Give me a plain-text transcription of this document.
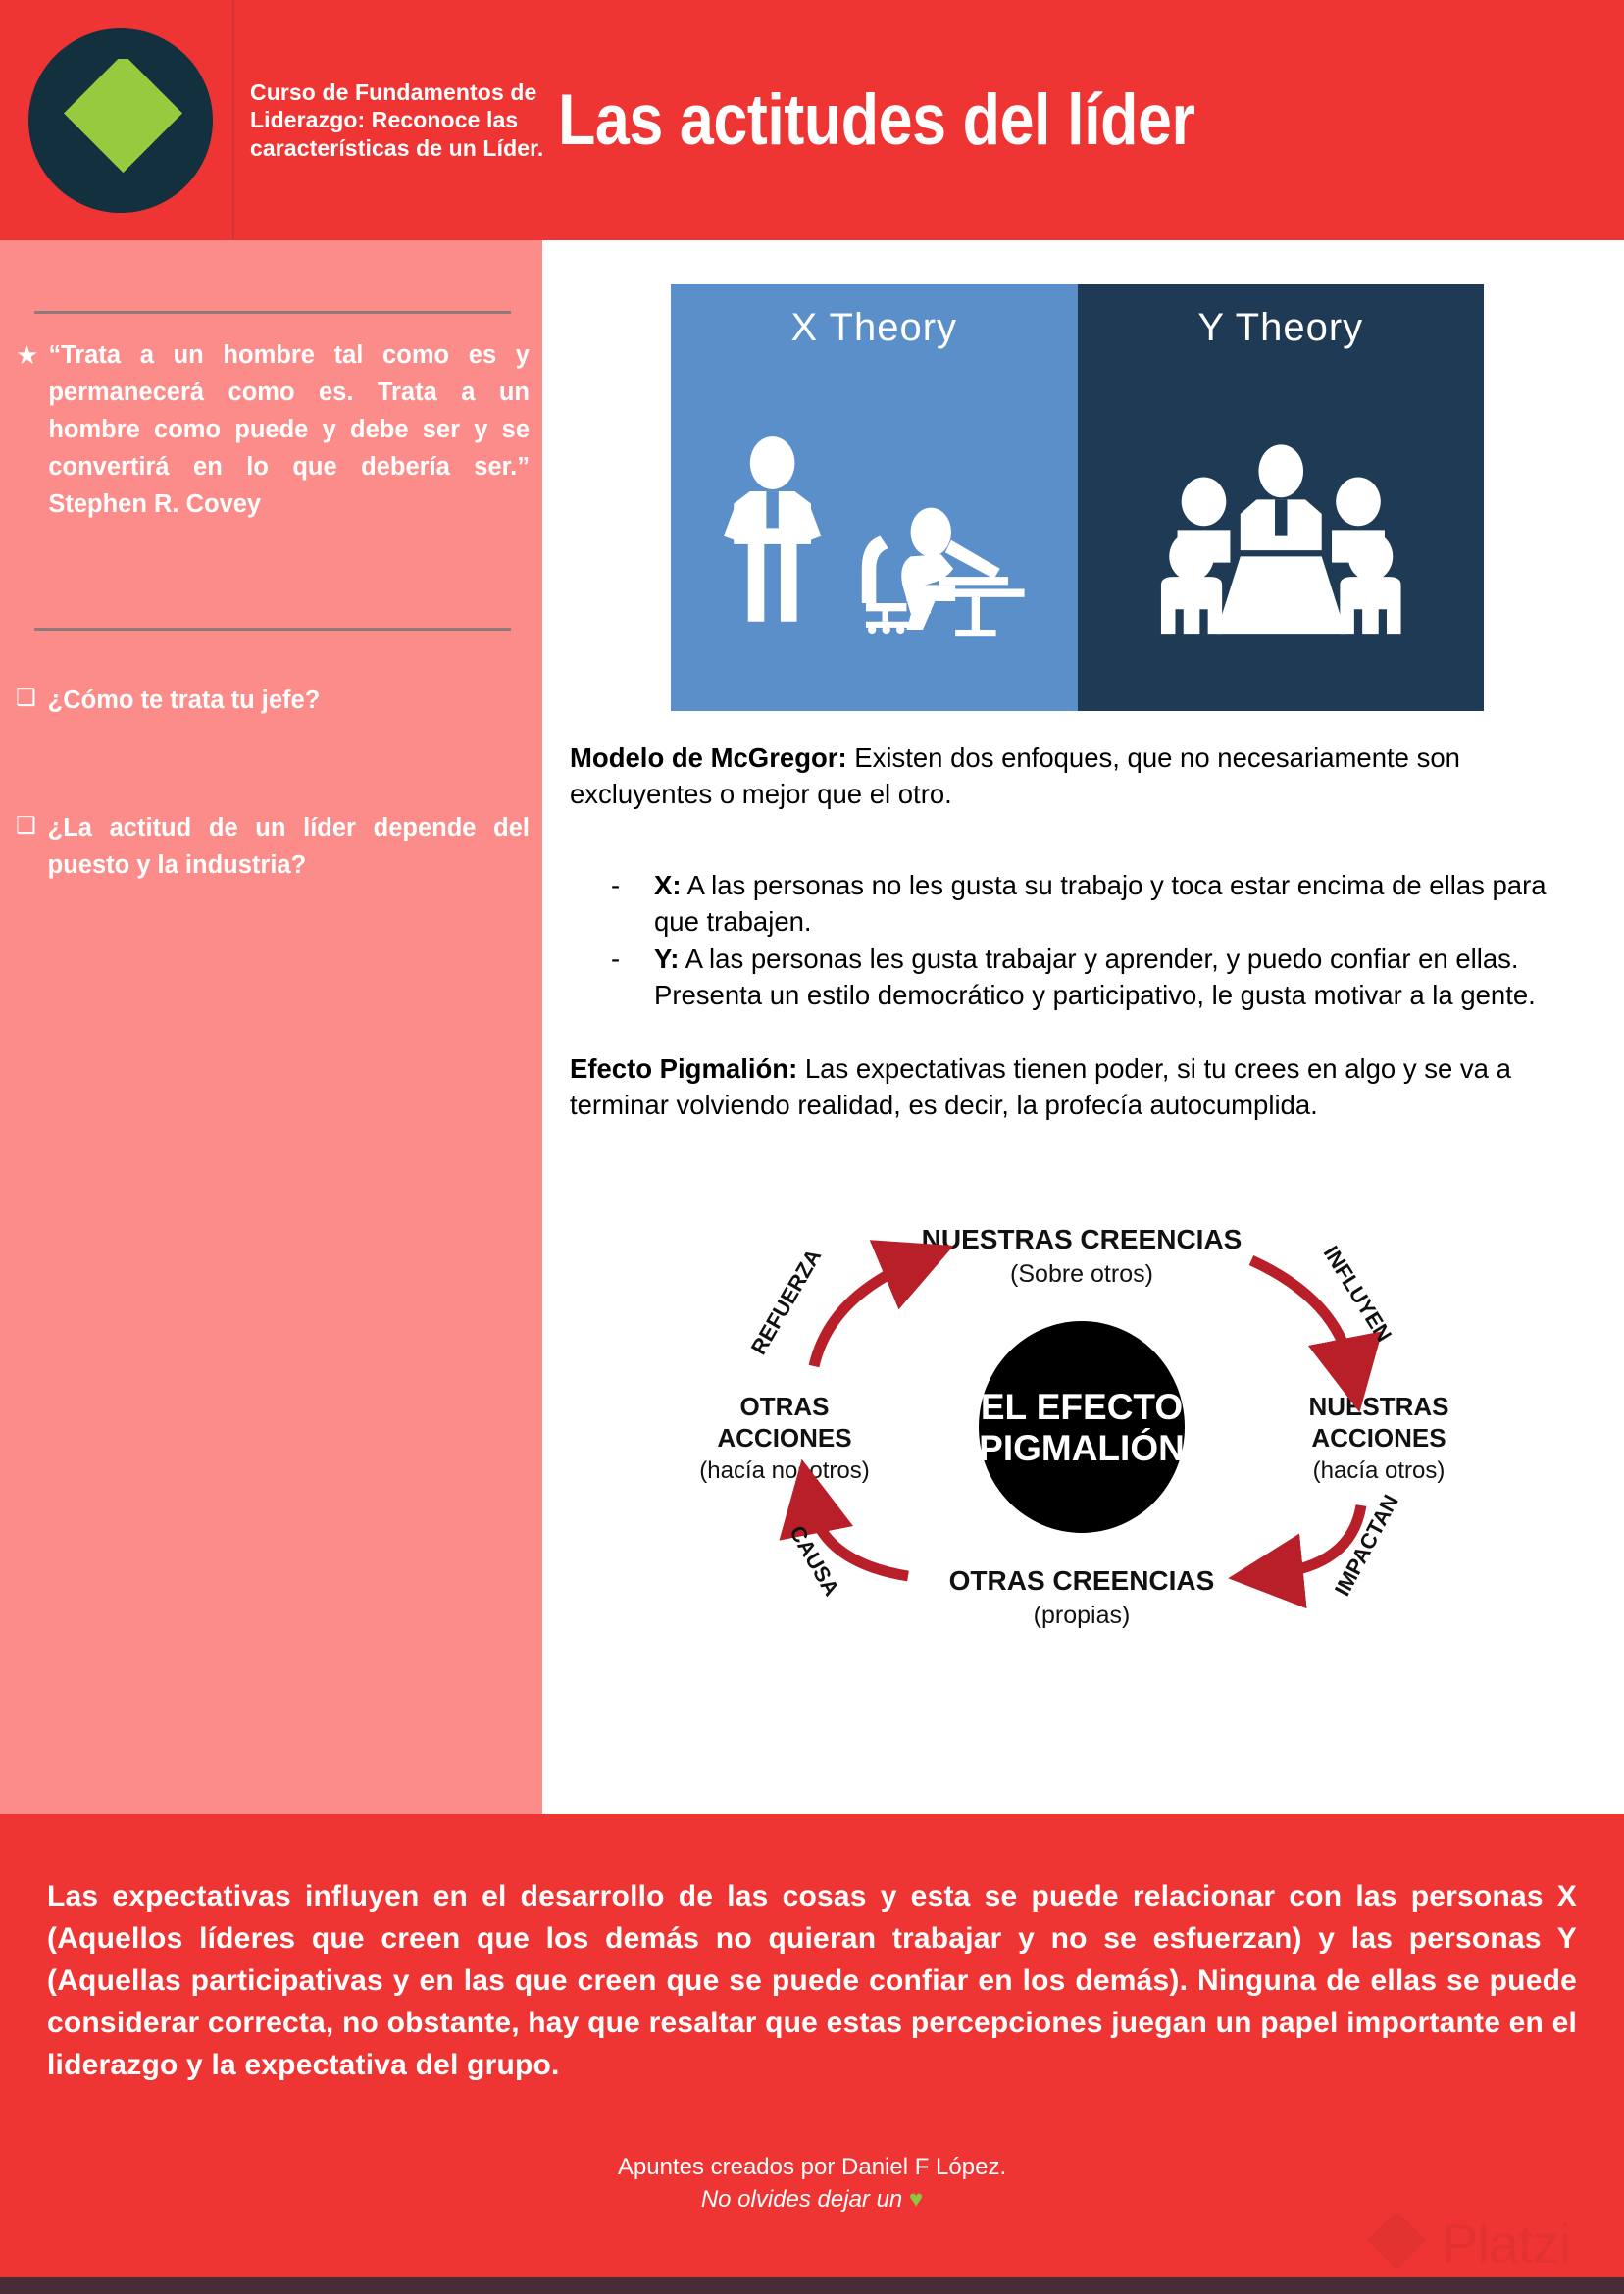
Curso de Fundamentos de Liderazgo: Reconoce las características de un Líder. Las actitudes del líder
★ “Trata a un hombre tal como es y permanecerá como es. Trata a un hombre como puede y debe ser y se convertirá en lo que debería ser.” Stephen R. Covey
❑ ¿Cómo te trata tu jefe?
❑ ¿La actitud de un líder depende del puesto y la industria?
X Theory	Y Theory
Modelo de McGregor: Existen dos enfoques, que no necesariamente son excluyentes o mejor que el otro.
-	X: A las personas no les gusta su trabajo y toca estar encima de ellas para que trabajen.
-	Y: A las personas les gusta trabajar y aprender, y puedo confiar en ellas. Presenta un estilo democrático y participativo, le gusta motivar a la gente.
Efecto Pigmalión: Las expectativas tienen poder, si tu crees en algo y se va a terminar volviendo realidad, es decir, la profecía autocumplida.
EL EFECTO
PIGMALIÓN
NUESTRAS CREENCIAS
(Sobre otros)
NUESTRAS
ACCIONES
(hacía otros)
OTRAS CREENCIAS
(propias)
OTRAS
ACCIONES
(hacía nosotros)
INFLUYEN
IMPACTAN
CAUSA
REFUERZA
Las expectativas influyen en el desarrollo de las cosas y esta se puede relacionar con las personas X (Aquellos líderes que creen que los demás no quieran trabajar y no se esfuerzan) y las personas Y (Aquellas participativas y en las que creen que se puede confiar en los demás). Ninguna de ellas se puede considerar correcta, no obstante, hay que resaltar que estas percepciones juegan un papel importante en el liderazgo y la expectativa del grupo.
Apuntes creados por Daniel F López.
No olvides dejar un ♥
Platzi
